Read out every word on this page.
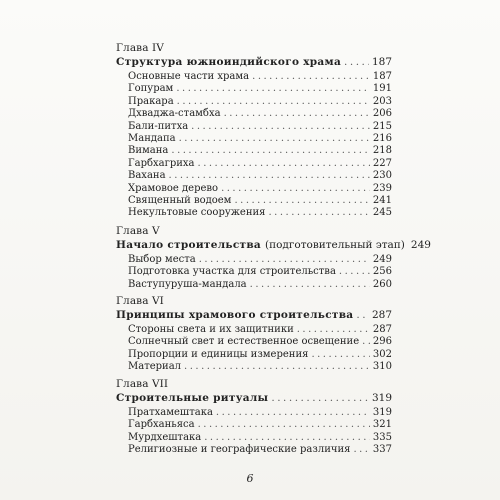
Глава IV

Структура южноиндийского храма .....	187
Основные части храма .....	187
Гопурам .....	191
Пракара .....	203
Дхваджа-стамбха .....	206
Бали-питха .....	215
Мандапа .....	216
Вимана .....	218
Гарбхагриха .....	227
Вахана .....	230
Храмовое дерево .....	239
Священный водоем .....	241
Некультовые сооружения .....	245

Глава V

Начало строительства (подготовительный этап) 249
Выбор места .....	249
Подготовка участка для строительства .....	256
Ваступуруша-мандала .....	260

Глава VI

Принципы храмового строительства ..... 287
Стороны света и их защитники .....	287
Солнечный свет и естественное освещение ..... 296
Пропорции и единицы измерения .....	302
Материал .....	310

Глава VII

Строительные ритуалы .....	319
Пратхамештака .....	319
Гарбханьяса .....	321
Мурдхештака .....	335
Религиозные и географические различия ..... 337
6
